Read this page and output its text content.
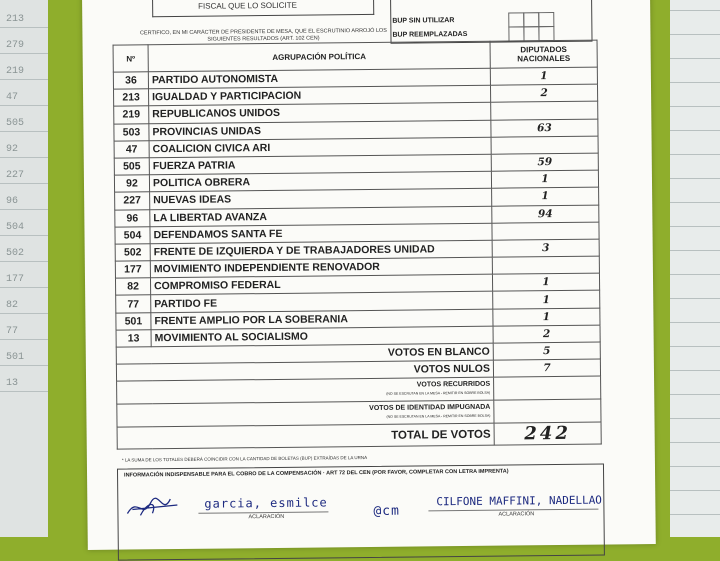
213
279
219
47
505
92
227
96
504
502
177
82
77
501
13
FISCAL QUE LO SOLICITE
CERTIFICO, EN MI CARÁCTER DE PRESIDENTE DE MESA, QUE EL ESCRUTINIO ARROJÓ LOS SIGUIENTES RESULTADOS (ART. 102 CEN)
BUP SIN UTILIZAR
BUP REEMPLAZADAS
Nº	AGRUPACIÓN POLÍTICA	DIPUTADOS NACIONALES
36	PARTIDO AUTONOMISTA	1
213	IGUALDAD Y PARTICIPACION	2
219	REPUBLICANOS UNIDOS	
503	PROVINCIAS UNIDAS	63
47	COALICION CIVICA ARI	
505	FUERZA PATRIA	59
92	POLITICA OBRERA	1
227	NUEVAS IDEAS	1
96	LA LIBERTAD AVANZA	94
504	DEFENDAMOS SANTA FE	
502	FRENTE DE IZQUIERDA Y DE TRABAJADORES UNIDAD	3
177	MOVIMIENTO INDEPENDIENTE RENOVADOR	
82	COMPROMISO FEDERAL	1
77	PARTIDO FE	1
501	FRENTE AMPLIO POR LA SOBERANIA	1
13	MOVIMIENTO AL SOCIALISMO	2
VOTOS EN BLANCO		5
VOTOS NULOS		7
VOTOS RECURRIDOS
(NO SE ESCRUTAN EN LA MESA - REMITIR EN SOBRE BOLSA)		

VOTOS DE IDENTIDAD IMPUGNADA
(NO SE ESCRUTAN EN LA MESA - REMITIR EN SOBRE BOLSA)		

TOTAL DE VOTOS		242
* LA SUMA DE LOS TOTALES DEBERÁ COINCIDIR CON LA CANTIDAD DE BOLETAS (BUP) EXTRAÍDAS DE LA URNA
INFORMACIÓN INDISPENSABLE PARA EL COBRO DE LA COMPENSACIÓN · ART 72 DEL CEN (POR FAVOR, COMPLETAR CON LETRA IMPRENTA)
garcia, esmilce
ACLARACIÓN	@cm
CILFONE MAFFINI, NADELLAO
ACLARACIÓN
